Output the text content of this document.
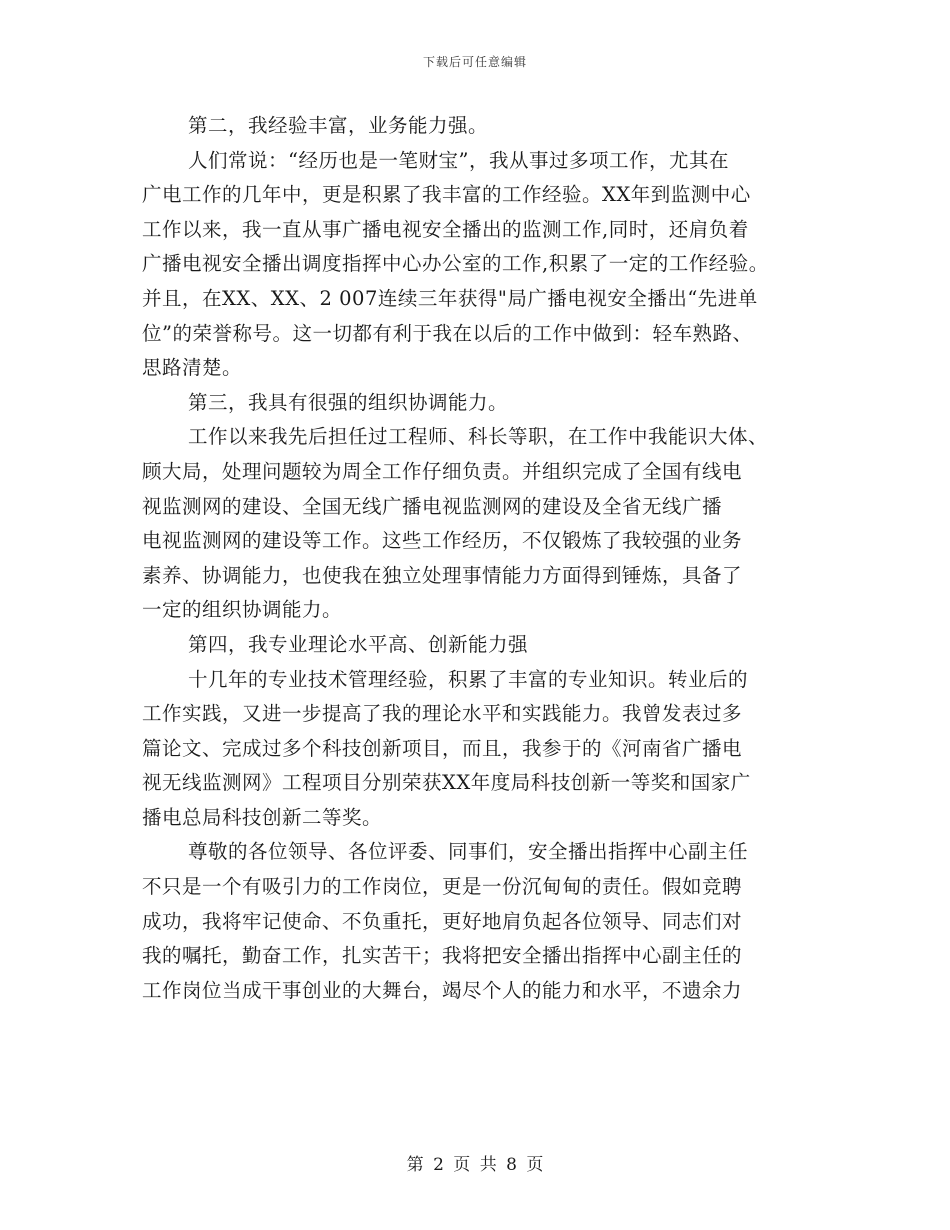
下载后可任意编辑
第二，我经验丰富，业务能力强。
人们常说：“经历也是一笔财宝”，我从事过多项工作，尤其在
广电工作的几年中，更是积累了我丰富的工作经验。XX年到监测中心
工作以来，我一直从事广播电视安全播出的监测工作,同时，还肩负着
广播电视安全播出调度指挥中心办公室的工作,积累了一定的工作经验。
并且，在XX、XX、2 007连续三年获得"局广播电视安全播出“先进单
位”的荣誉称号。这一切都有利于我在以后的工作中做到：轻车熟路、
思路清楚。
第三，我具有很强的组织协调能力。
工作以来我先后担任过工程师、科长等职，在工作中我能识大体、
顾大局，处理问题较为周全工作仔细负责。并组织完成了全国有线电
视监测网的建设、全国无线广播电视监测网的建设及全省无线广播
电视监测网的建设等工作。这些工作经历，不仅锻炼了我较强的业务
素养、协调能力，也使我在独立处理事情能力方面得到锤炼，具备了
一定的组织协调能力。
第四，我专业理论水平高、创新能力强
十几年的专业技术管理经验，积累了丰富的专业知识。转业后的
工作实践，又进一步提高了我的理论水平和实践能力。我曾发表过多
篇论文、完成过多个科技创新项目，而且，我参于的《河南省广播电
视无线监测网》工程项目分别荣获XX年度局科技创新一等奖和国家广
播电总局科技创新二等奖。
尊敬的各位领导、各位评委、同事们，安全播出指挥中心副主任
不只是一个有吸引力的工作岗位，更是一份沉甸甸的责任。假如竞聘
成功，我将牢记使命、不负重托，更好地肩负起各位领导、同志们对
我的嘱托，勤奋工作，扎实苦干；我将把安全播出指挥中心副主任的
工作岗位当成干事创业的大舞台，竭尽个人的能力和水平，不遗余力
第 2 页 共 8 页
